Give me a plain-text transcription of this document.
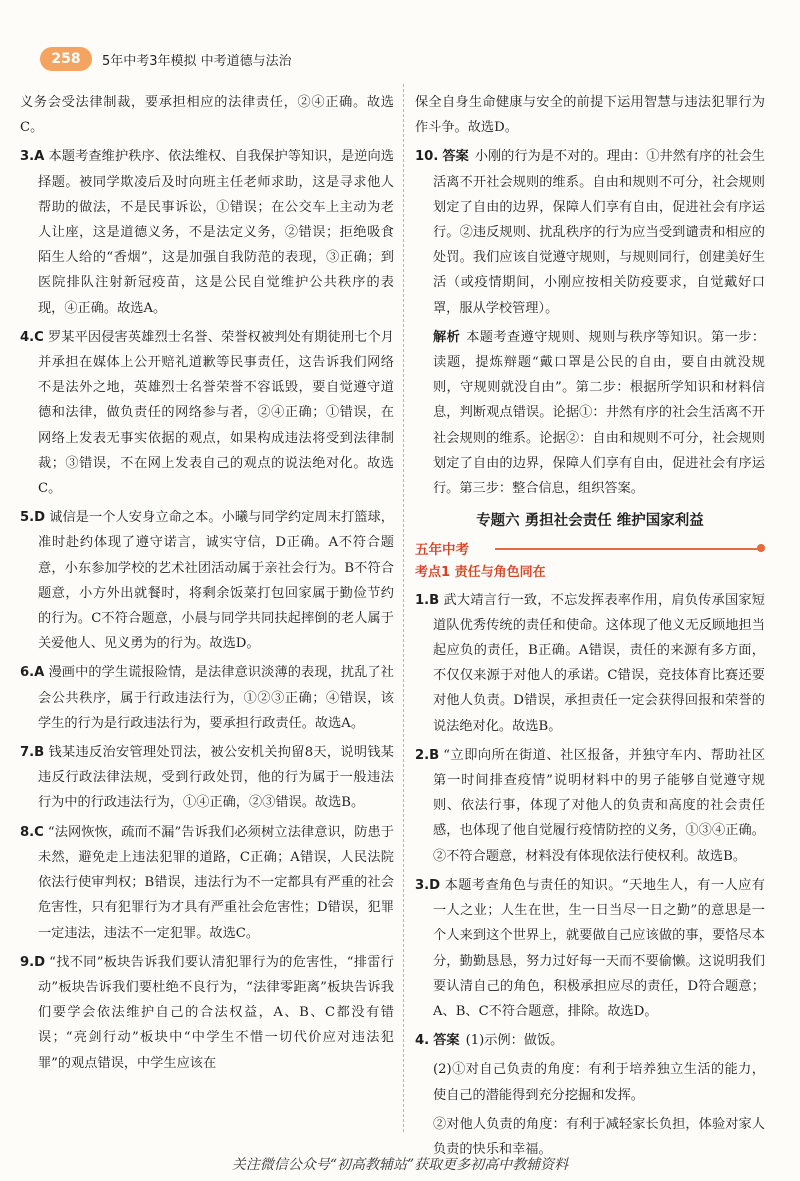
258	5年中考3年模拟 中考道德与法治
义务会受法律制裁，要承担相应的法律责任，②④正确。故选C。
3.A 本题考查维护秩序、依法维权、自我保护等知识，是逆向选择题。被同学欺凌后及时向班主任老师求助，这是寻求他人帮助的做法，不是民事诉讼，①错误；在公交车上主动为老人让座，这是道德义务，不是法定义务，②错误；拒绝吸食陌生人给的“香烟”，这是加强自我防范的表现，③正确；到医院排队注射新冠疫苗，这是公民自觉维护公共秩序的表现，④正确。故选A。
4.C 罗某平因侵害英雄烈士名誉、荣誉权被判处有期徒刑七个月并承担在媒体上公开赔礼道歉等民事责任，这告诉我们网络不是法外之地，英雄烈士名誉荣誉不容诋毁，要自觉遵守道德和法律，做负责任的网络参与者，②④正确；①错误，在网络上发表无事实依据的观点，如果构成违法将受到法律制裁；③错误，不在网上发表自己的观点的说法绝对化。故选C。
5.D 诚信是一个人安身立命之本。小曦与同学约定周末打篮球，准时赴约体现了遵守诺言，诚实守信，D正确。A不符合题意，小东参加学校的艺术社团活动属于亲社会行为。B不符合题意，小方外出就餐时，将剩余饭菜打包回家属于勤俭节约的行为。C不符合题意，小晨与同学共同扶起摔倒的老人属于关爱他人、见义勇为的行为。故选D。
6.A 漫画中的学生谎报险情，是法律意识淡薄的表现，扰乱了社会公共秩序，属于行政违法行为，①②③正确；④错误，该学生的行为是行政违法行为，要承担行政责任。故选A。
7.B 钱某违反治安管理处罚法，被公安机关拘留8天，说明钱某违反行政法律法规，受到行政处罚，他的行为属于一般违法行为中的行政违法行为，①④正确，②③错误。故选B。
8.C “法网恢恢，疏而不漏”告诉我们必须树立法律意识，防患于未然，避免走上违法犯罪的道路，C正确；A错误，人民法院依法行使审判权；B错误，违法行为不一定都具有严重的社会危害性，只有犯罪行为才具有严重社会危害性；D错误，犯罪一定违法，违法不一定犯罪。故选C。
9.D “找不同”板块告诉我们要认清犯罪行为的危害性，“排雷行动”板块告诉我们要杜绝不良行为，“法律零距离”板块告诉我们要学会依法维护自己的合法权益，A、B、C都没有错误；“亮剑行动”板块中“中学生不惜一切代价应对违法犯罪”的观点错误，中学生应该在
保全自身生命健康与安全的前提下运用智慧与违法犯罪行为作斗争。故选D。
10. 答案 小刚的行为是不对的。理由：①井然有序的社会生活离不开社会规则的维系。自由和规则不可分，社会规则划定了自由的边界，保障人们享有自由，促进社会有序运行。②违反规则、扰乱秩序的行为应当受到谴责和相应的处罚。我们应该自觉遵守规则，与规则同行，创建美好生活（或疫情期间，小刚应按相关防疫要求，自觉戴好口罩，服从学校管理）。
解析 本题考查遵守规则、规则与秩序等知识。第一步：读题，提炼辩题“戴口罩是公民的自由，要自由就没规则，守规则就没自由”。第二步：根据所学知识和材料信息，判断观点错误。论据①：井然有序的社会生活离不开社会规则的维系。论据②：自由和规则不可分，社会规则划定了自由的边界，保障人们享有自由，促进社会有序运行。第三步：整合信息，组织答案。
专题六 勇担社会责任 维护国家利益
五年中考
考点1 责任与角色同在
1.B 武大靖言行一致，不忘发挥表率作用，肩负传承国家短道队优秀传统的责任和使命。这体现了他义无反顾地担当起应负的责任，B正确。A错误，责任的来源有多方面，不仅仅来源于对他人的承诺。C错误，竞技体育比赛还要对他人负责。D错误，承担责任一定会获得回报和荣誉的说法绝对化。故选B。
2.B “立即向所在街道、社区报备，并独守车内、帮助社区第一时间排查疫情”说明材料中的男子能够自觉遵守规则、依法行事，体现了对他人的负责和高度的社会责任感，也体现了他自觉履行疫情防控的义务，①③④正确。②不符合题意，材料没有体现依法行使权利。故选B。
3.D 本题考查角色与责任的知识。“天地生人，有一人应有一人之业；人生在世，生一日当尽一日之勤”的意思是一个人来到这个世界上，就要做自己应该做的事，要恪尽本分，勤勤恳恳，努力过好每一天而不要偷懒。这说明我们要认清自己的角色，积极承担应尽的责任，D符合题意；A、B、C不符合题意，排除。故选D。
4. 答案 (1)示例：做饭。
(2)①对自己负责的角度：有利于培养独立生活的能力，使自己的潜能得到充分挖掘和发挥。
②对他人负责的角度：有利于减轻家长负担，体验对家人负责的快乐和幸福。
关注微信公众号“初高教辅站”获取更多初高中教辅资料
